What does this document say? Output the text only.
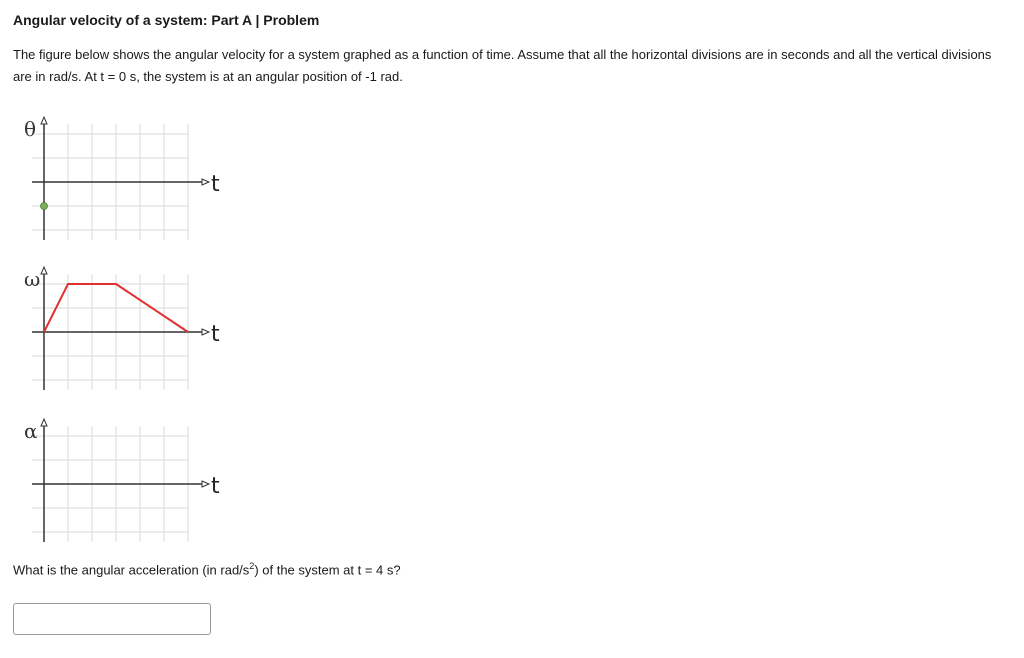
Angular velocity of a system: Part A | Problem
The figure below shows the angular velocity for a system graphed as a function of time. Assume that all the horizontal divisions are in seconds and all the vertical divisions are in rad/s. At t = 0 s, the system is at an angular position of -1 rad.
θ
t
ω
t
α
t
What is the angular acceleration (in rad/$s^2$) of the system at t = 4 s?
